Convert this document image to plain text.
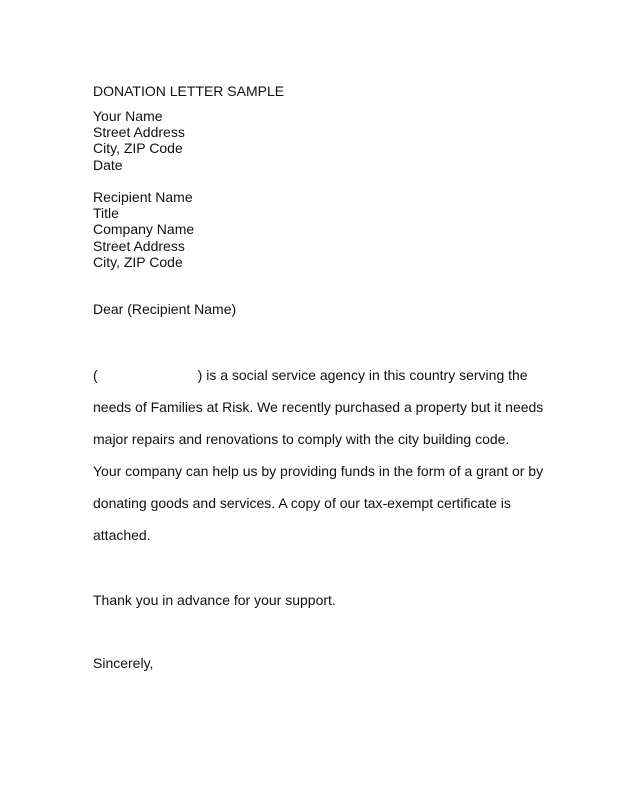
DONATION LETTER SAMPLE
Your Name
Street Address
City, ZIP Code
Date
Recipient Name
Title
Company Name
Street Address
City, ZIP Code
Dear (Recipient Name)
(	) is a social service agency in this country serving the
needs of Families at Risk. We recently purchased a property but it needs
major repairs and renovations to comply with the city building code.
Your company can help us by providing funds in the form of a grant or by
donating goods and services. A copy of our tax-exempt certificate is
attached.
Thank you in advance for your support.
Sincerely,
